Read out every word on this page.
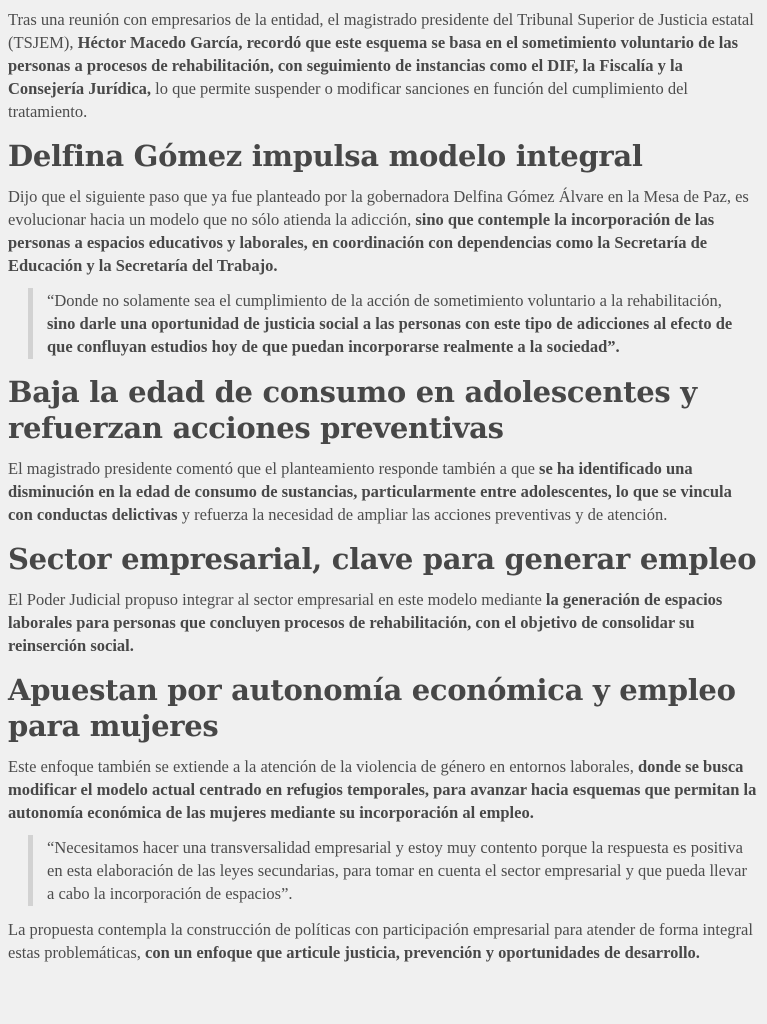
Tras una reunión con empresarios de la entidad, el magistrado presidente del Tribunal Superior de Justicia estatal (TSJEM), Héctor Macedo García, recordó que este esquema se basa en el sometimiento voluntario de las personas a procesos de rehabilitación, con seguimiento de instancias como el DIF, la Fiscalía y la Consejería Jurídica, lo que permite suspender o modificar sanciones en función del cumplimiento del tratamiento.

Delfina Gómez impulsa modelo integral

Dijo que el siguiente paso que ya fue planteado por la gobernadora Delfina Gómez Álvare en la Mesa de Paz, es evolucionar hacia un modelo que no sólo atienda la adicción, sino que contemple la incorporación de las personas a espacios educativos y laborales, en coordinación con dependencias como la Secretaría de Educación y la Secretaría del Trabajo.

“Donde no solamente sea el cumplimiento de la acción de sometimiento voluntario a la rehabilitación, sino darle una oportunidad de justicia social a las personas con este tipo de adicciones al efecto de que confluyan estudios hoy de que puedan incorporarse realmente a la sociedad”.

Baja la edad de consumo en adolescentes y refuerzan acciones preventivas

El magistrado presidente comentó que el planteamiento responde también a que se ha identificado una disminución en la edad de consumo de sustancias, particularmente entre adolescentes, lo que se vincula con conductas delictivas y refuerza la necesidad de ampliar las acciones preventivas y de atención.

Sector empresarial, clave para generar empleo

El Poder Judicial propuso integrar al sector empresarial en este modelo mediante la generación de espacios laborales para personas que concluyen procesos de rehabilitación, con el objetivo de consolidar su reinserción social.

Apuestan por autonomía económica y empleo para mujeres

Este enfoque también se extiende a la atención de la violencia de género en entornos laborales, donde se busca modificar el modelo actual centrado en refugios temporales, para avanzar hacia esquemas que permitan la autonomía económica de las mujeres mediante su incorporación al empleo.

“Necesitamos hacer una transversalidad empresarial y estoy muy contento porque la respuesta es positiva en esta elaboración de las leyes secundarias, para tomar en cuenta el sector empresarial y que pueda llevar a cabo la incorporación de espacios”.

La propuesta contempla la construcción de políticas con participación empresarial para atender de forma integral estas problemáticas, con un enfoque que articule justicia, prevención y oportunidades de desarrollo.
